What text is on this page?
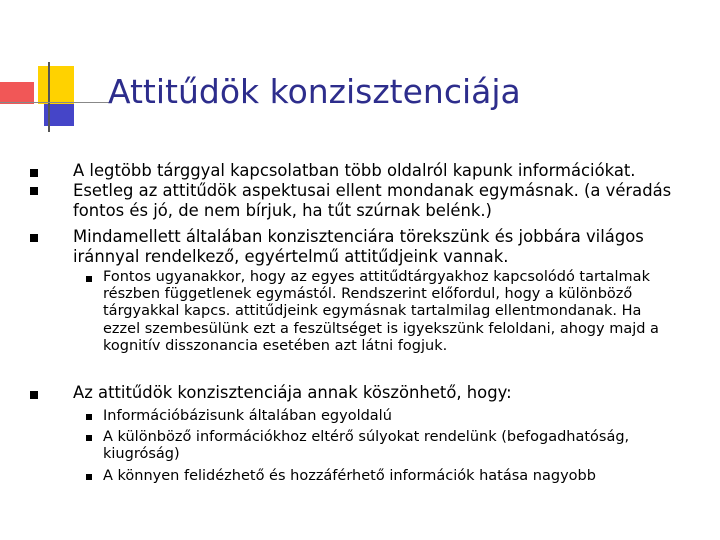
Attitűdök konzisztenciája
A legtöbb tárggyal kapcsolatban több oldalról kapunk információkat.
Esetleg az attitűdök aspektusai ellent mondanak egymásnak. (a véradás fontos és jó, de nem bírjuk, ha tűt szúrnak belénk.)
Mindamellett általában konzisztenciára törekszünk és jobbára világos iránnyal rendelkező, egyértelmű attitűdjeink vannak.
Fontos ugyanakkor, hogy az egyes attitűdtárgyakhoz kapcsolódó tartalmak részben függetlenek egymástól. Rendszerint előfordul, hogy a különböző tárgyakkal kapcs. attitűdjeink egymásnak tartalmilag ellentmondanak. Ha ezzel szembesülünk ezt a feszültséget is igyekszünk feloldani, ahogy majd a kognitív disszonancia esetében azt látni fogjuk.
Az attitűdök konzisztenciája annak köszönhető, hogy:
Információbázisunk általában egyoldalú
A különböző információkhoz eltérő súlyokat rendelünk (befogadhatóság, kiugróság)
A könnyen felidézhető és hozzáférhető információk hatása nagyobb
